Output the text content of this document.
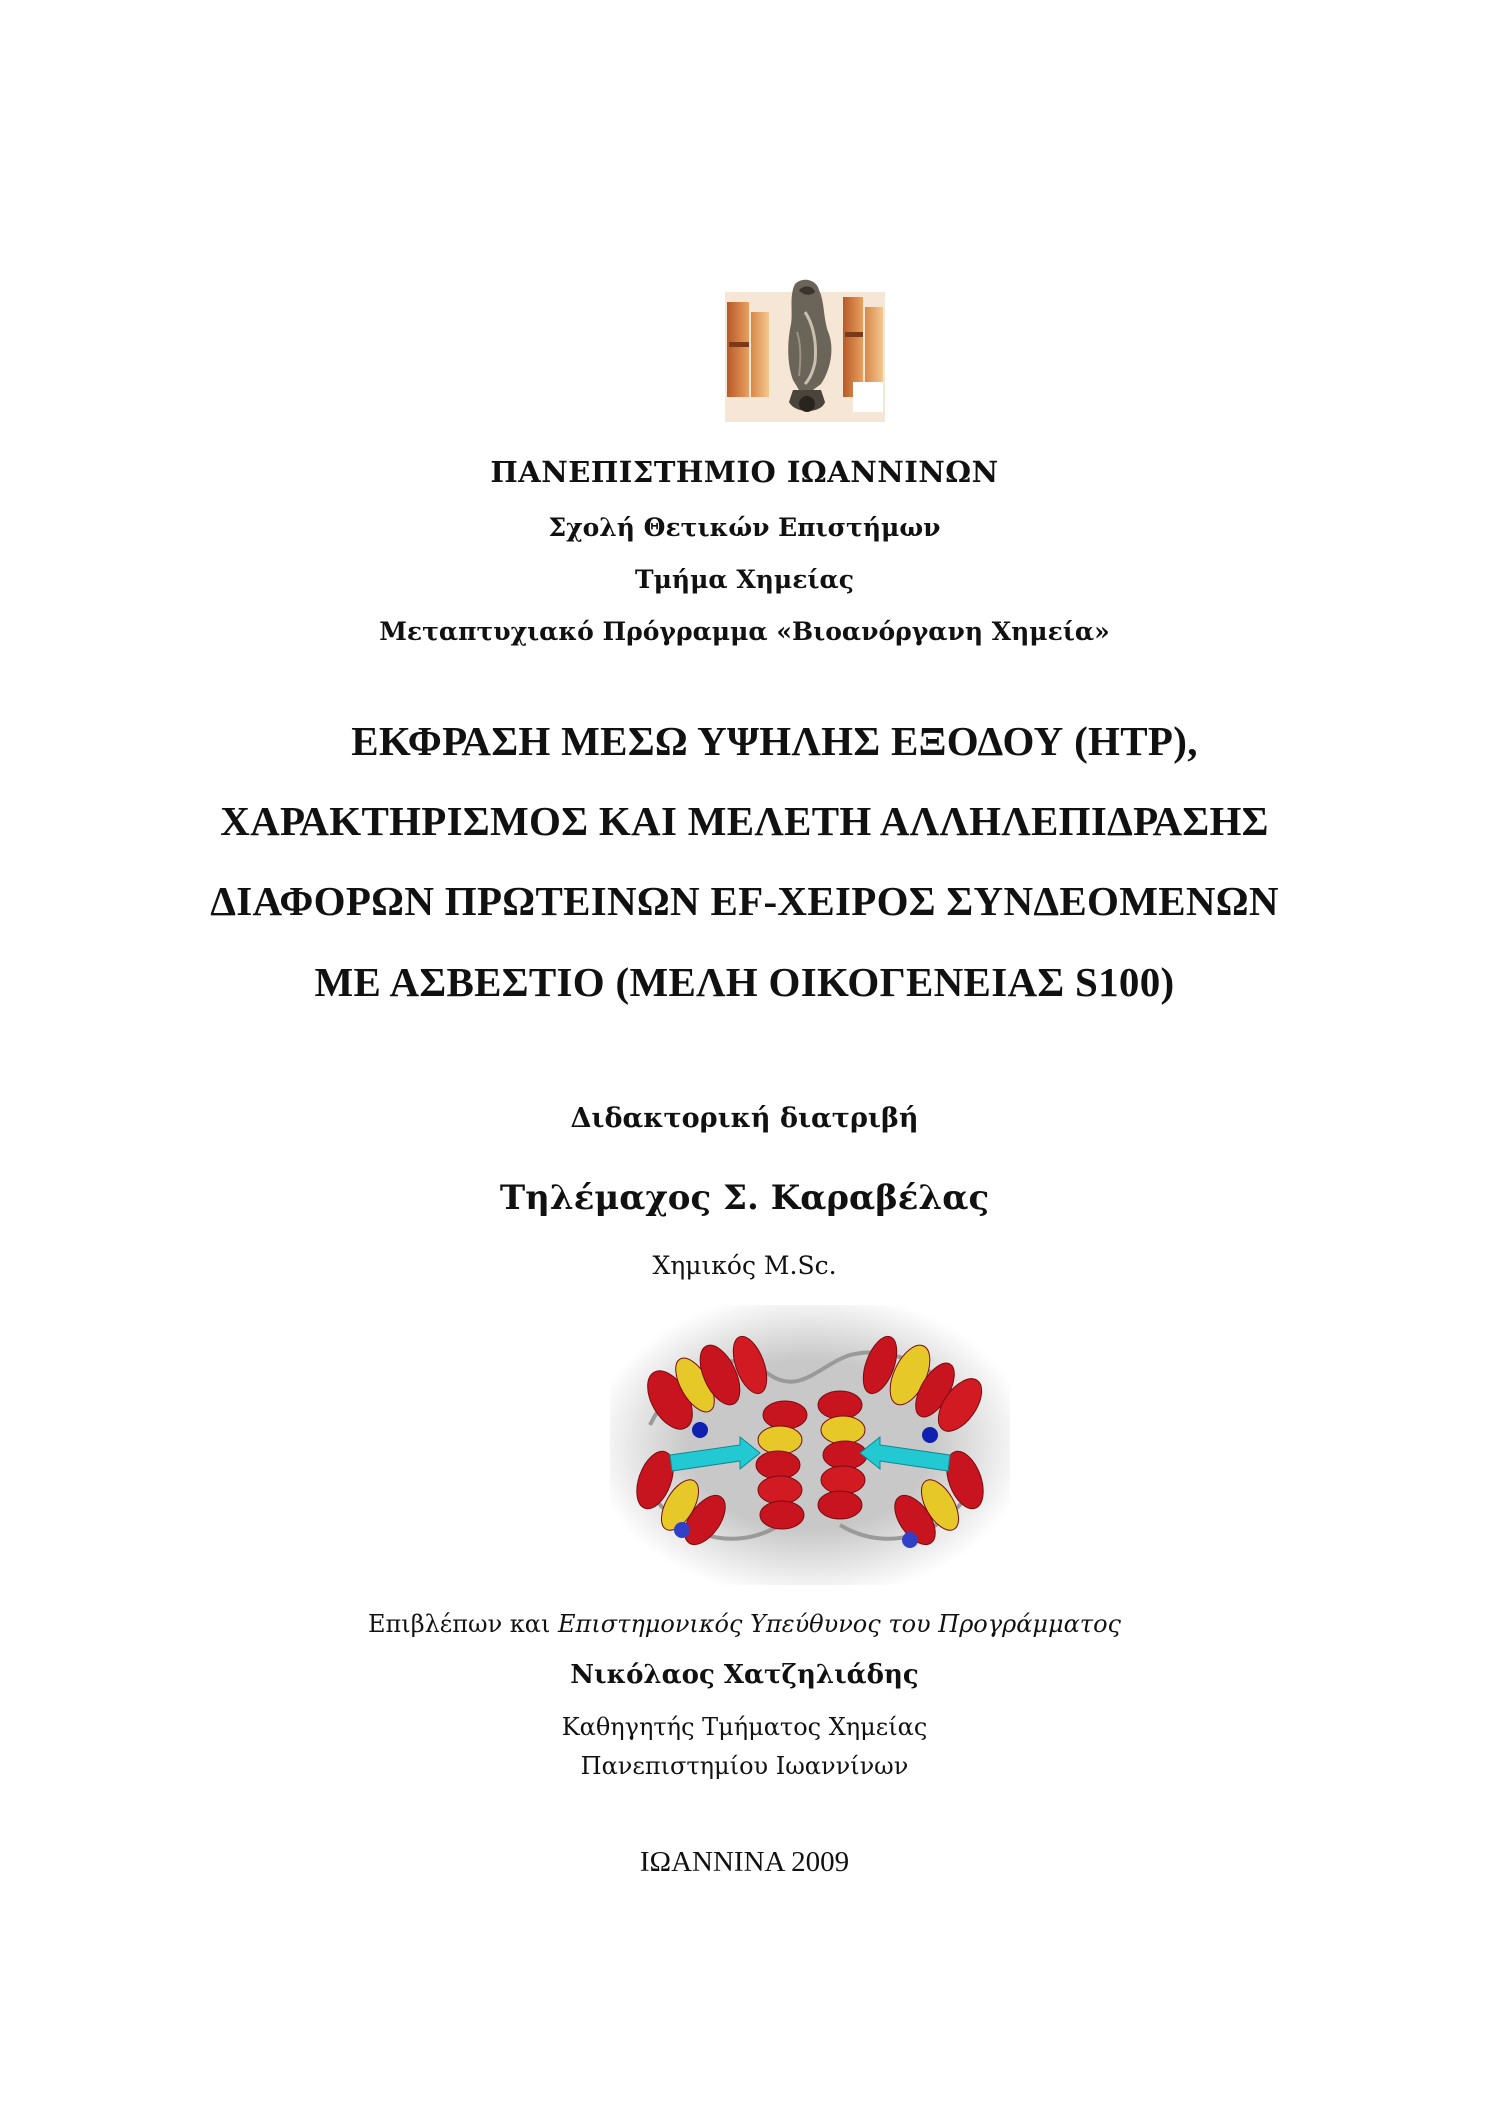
ΠΑΝΕΠΙΣΤΗΜΙΟ ΙΩΑΝΝΙΝΩΝ
Σχολή Θετικών Επιστήμων
Τμήμα Χημείας
Μεταπτυχιακό Πρόγραμμα «Βιοανόργανη Χημεία»
ΕΚΦΡΑΣΗ ΜΕΣΩ ΥΨΗΛΗΣ ΕΞΟΔΟΥ (HTP),
ΧΑΡΑΚΤΗΡΙΣΜΟΣ ΚΑΙ ΜΕΛΕΤΗ ΑΛΛΗΛΕΠΙΔΡΑΣΗΣ
ΔΙΑΦΟΡΩΝ ΠΡΩΤΕΙΝΩΝ EF-ΧΕΙΡΟΣ ΣΥΝΔΕΟΜΕΝΩΝ
ΜΕ ΑΣΒΕΣΤΙΟ (ΜΕΛΗ ΟΙΚΟΓΕΝΕΙΑΣ S100)
Διδακτορική διατριβή
Τηλέμαχος Σ. Καραβέλας
Χημικός M.Sc.
Επιβλέπων και Επιστημονικός Υπεύθυνος του Προγράμματος
Νικόλαος Χατζηλιάδης
Καθηγητής Τμήματος Χημείας
Πανεπιστημίου Ιωαννίνων
ΙΩΑΝΝΙΝΑ 2009
